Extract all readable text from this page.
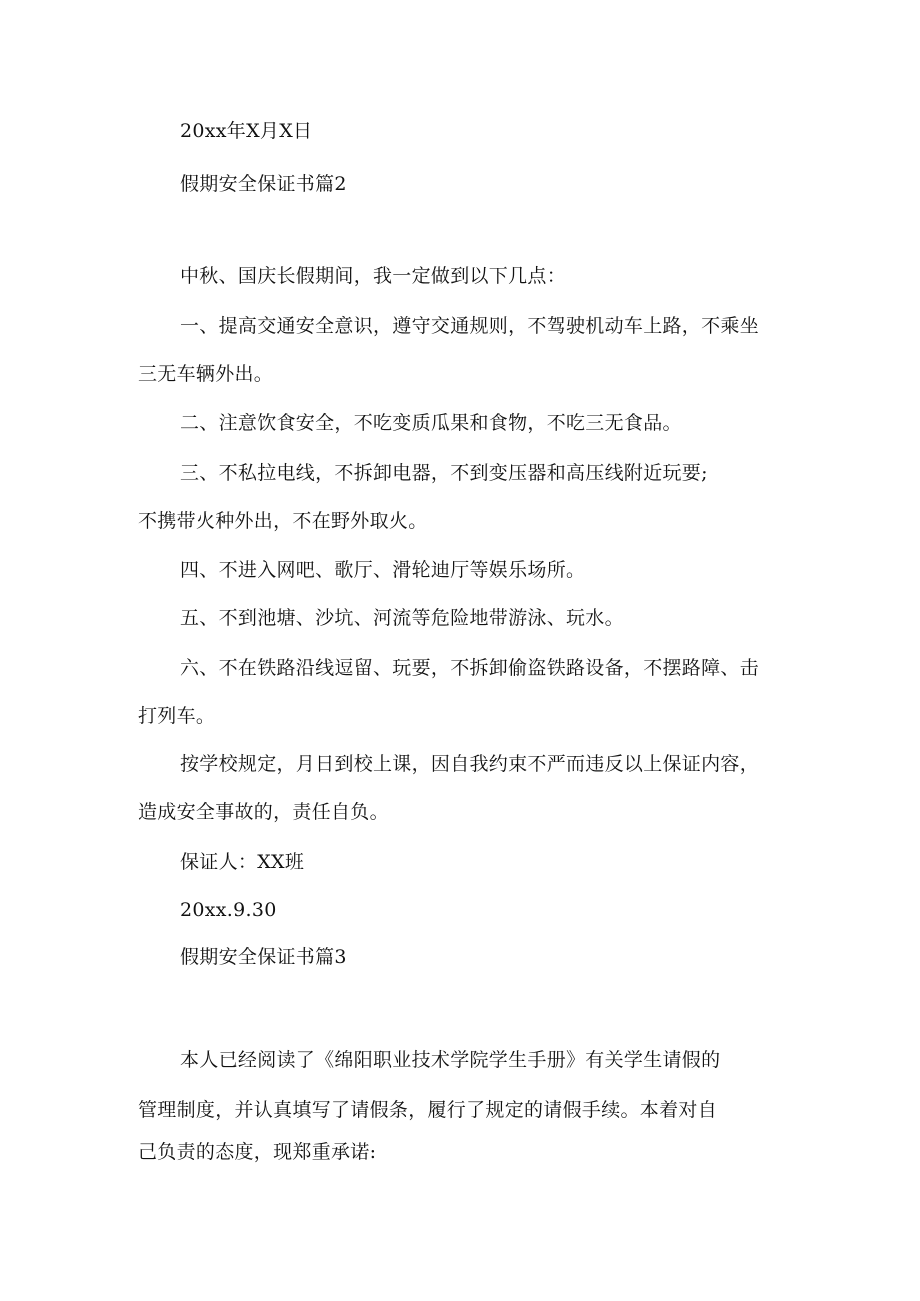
20xx年X月X日
假期安全保证书篇2
中秋、国庆长假期间，我一定做到以下几点：
一、提高交通安全意识，遵守交通规则，不驾驶机动车上路，不乘坐
三无车辆外出。
二、注意饮食安全，不吃变质瓜果和食物，不吃三无食品。
三、不私拉电线，不拆卸电器，不到变压器和高压线附近玩要;
不携带火种外出，不在野外取火。
四、不进入网吧、歌厅、滑轮迪厅等娱乐场所。
五、不到池塘、沙坑、河流等危险地带游泳、玩水。
六、不在铁路沿线逗留、玩要，不拆卸偷盗铁路设备，不摆路障、击
打列车。
按学校规定，月日到校上课，因自我约束不严而违反以上保证内容，
造成安全事故的，责任自负。
保证人：XX班
20xx.9.30
假期安全保证书篇3
本人已经阅读了《绵阳职业技术学院学生手册》有关学生请假的
管理制度，并认真填写了请假条，履行了规定的请假手续。本着对自
己负责的态度，现郑重承诺:
